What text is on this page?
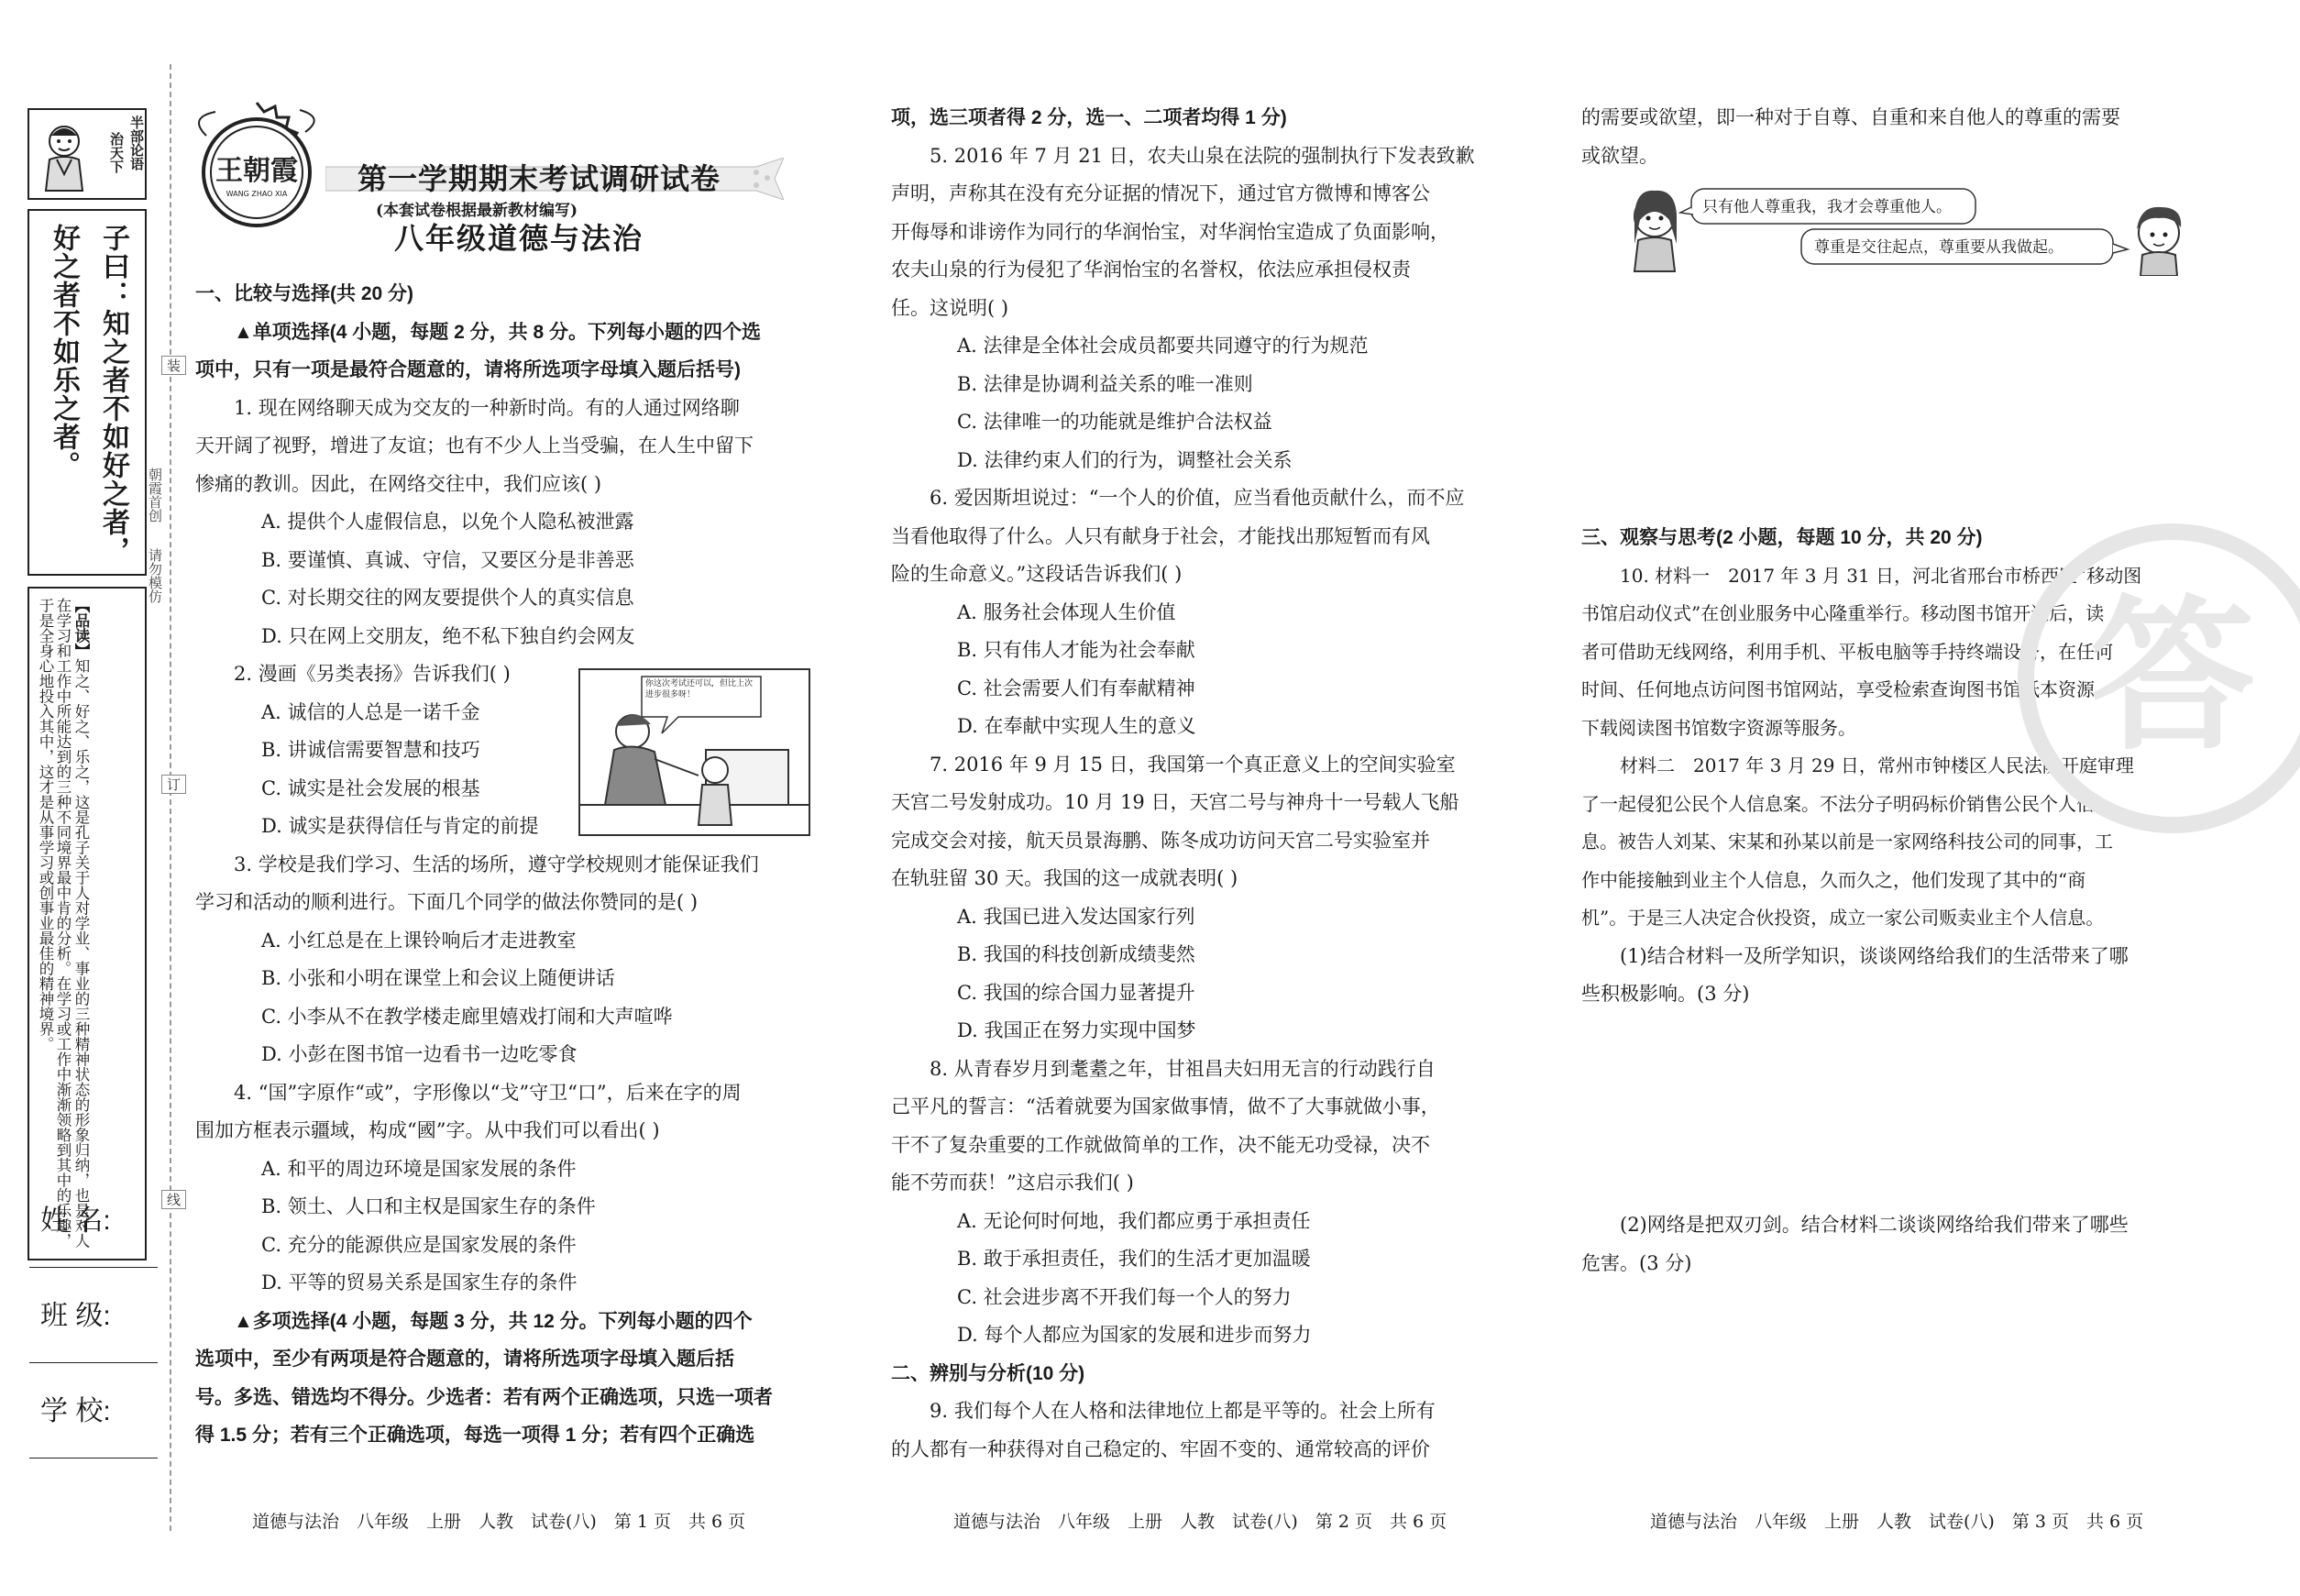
半部论语
治天下
子曰：知之者不如好之者，好之者不如乐之者。
【品读】知之、好之、乐之，这是孔子关于人对学业、事业的三种精神状态的形象归纳，也是对人在学习和工作中所能达到的三种不同境界最中肯的分析。在学习或工作中渐渐领略到其中的乐趣，于是全身心地投入其中，这才是从事学习或创事业最佳的精神境界。
装
订
线
朝霞首创
请勿模仿
姓 名:
班 级:
学 校:
王朝霞
WANG ZHAO XIA 第一学期期末考试调研试卷
(本套试卷根据最新教材编写)
八年级道德与法治

一、比较与选择(共 20 分)

▲单项选择(4 小题，每题 2 分，共 8 分。下列每小题的四个选

项中，只有一项是最符合题意的，请将所选项字母填入题后括号)

1. 现在网络聊天成为交友的一种新时尚。有的人通过网络聊

天开阔了视野，增进了友谊；也有不少人上当受骗，在人生中留下

惨痛的教训。因此，在网络交往中，我们应该( )

A. 提供个人虚假信息，以免个人隐私被泄露

B. 要谨慎、真诚、守信，又要区分是非善恶

C. 对长期交往的网友要提供个人的真实信息

D. 只在网上交朋友，绝不私下独自约会网友

2. 漫画《另类表扬》告诉我们( )

A. 诚信的人总是一诺千金

B. 讲诚信需要智慧和技巧

C. 诚实是社会发展的根基

D. 诚实是获得信任与肯定的前提

3. 学校是我们学习、生活的场所，遵守学校规则才能保证我们

学习和活动的顺利进行。下面几个同学的做法你赞同的是( )

A. 小红总是在上课铃响后才走进教室

B. 小张和小明在课堂上和会议上随便讲话

C. 小李从不在教学楼走廊里嬉戏打闹和大声喧哗

D. 小彭在图书馆一边看书一边吃零食

4. “国”字原作“或”，字形像以“戈”守卫“口”，后来在字的周

围加方框表示疆域，构成“國”字。从中我们可以看出( )

A. 和平的周边环境是国家发展的条件

B. 领土、人口和主权是国家生存的条件

C. 充分的能源供应是国家发展的条件

D. 平等的贸易关系是国家生存的条件

▲多项选择(4 小题，每题 3 分，共 12 分。下列每小题的四个

选项中，至少有两项是符合题意的，请将所选项字母填入题后括

号。多选、错选均不得分。少选者：若有两个正确选项，只选一项者

得 1.5 分；若有三个正确选项，每选一项得 1 分；若有四个正确选

你这次考试还可以，但比上次进步很多呀！

项，选三项者得 2 分，选一、二项者均得 1 分)

5. 2016 年 7 月 21 日，农夫山泉在法院的强制执行下发表致歉

声明，声称其在没有充分证据的情况下，通过官方微博和博客公

开侮辱和诽谤作为同行的华润怡宝，对华润怡宝造成了负面影响，

农夫山泉的行为侵犯了华润怡宝的名誉权，依法应承担侵权责

任。这说明( )

A. 法律是全体社会成员都要共同遵守的行为规范

B. 法律是协调利益关系的唯一准则

C. 法律唯一的功能就是维护合法权益

D. 法律约束人们的行为，调整社会关系

6. 爱因斯坦说过：“一个人的价值，应当看他贡献什么，而不应

当看他取得了什么。人只有献身于社会，才能找出那短暂而有风

险的生命意义。”这段话告诉我们( )

A. 服务社会体现人生价值

B. 只有伟人才能为社会奉献

C. 社会需要人们有奉献精神

D. 在奉献中实现人生的意义

7. 2016 年 9 月 15 日，我国第一个真正意义上的空间实验室

天宫二号发射成功。10 月 19 日，天宫二号与神舟十一号载人飞船

完成交会对接，航天员景海鹏、陈冬成功访问天宫二号实验室并

在轨驻留 30 天。我国的这一成就表明( )

A. 我国已进入发达国家行列

B. 我国的科技创新成绩斐然

C. 我国的综合国力显著提升

D. 我国正在努力实现中国梦

8. 从青春岁月到耄耋之年，甘祖昌夫妇用无言的行动践行自

己平凡的誓言：“活着就要为国家做事情，做不了大事就做小事，

干不了复杂重要的工作就做简单的工作，决不能无功受禄，决不

能不劳而获！”这启示我们( )

A. 无论何时何地，我们都应勇于承担责任

B. 敢于承担责任，我们的生活才更加温暖

C. 社会进步离不开我们每一个人的努力

D. 每个人都应为国家的发展和进步而努力

二、辨别与分析(10 分)

9. 我们每个人在人格和法律地位上都是平等的。社会上所有

的人都有一种获得对自己稳定的、牢固不变的、通常较高的评价

的需要或欲望，即一种对于自尊、自重和来自他人的尊重的需要

或欲望。

只有他人尊重我，我才会尊重他人。
尊重是交往起点，尊重要从我做起。

三、观察与思考(2 小题，每题 10 分，共 20 分)

10. 材料一　2017 年 3 月 31 日，河北省邢台市桥西区“移动图

书馆启动仪式”在创业服务中心隆重举行。移动图书馆开通后，读

者可借助无线网络，利用手机、平板电脑等手持终端设备，在任何

时间、任何地点访问图书馆网站，享受检索查询图书馆纸本资源，

下载阅读图书馆数字资源等服务。

材料二　2017 年 3 月 29 日，常州市钟楼区人民法院开庭审理

了一起侵犯公民个人信息案。不法分子明码标价销售公民个人信

息。被告人刘某、宋某和孙某以前是一家网络科技公司的同事，工

作中能接触到业主个人信息，久而久之，他们发现了其中的“商

机”。于是三人决定合伙投资，成立一家公司贩卖业主个人信息。

(1)结合材料一及所学知识，谈谈网络给我们的生活带来了哪

些积极影响。(3 分)

(2)网络是把双刃剑。结合材料二谈谈网络给我们带来了哪些

危害。(3 分)

答
道德与法治　八年级　上册　人教　试卷(八)　第 1 页　共 6 页	道德与法治　八年级　上册　人教　试卷(八)　第 2 页　共 6 页	道德与法治　八年级　上册　人教　试卷(八)　第 3 页　共 6 页
